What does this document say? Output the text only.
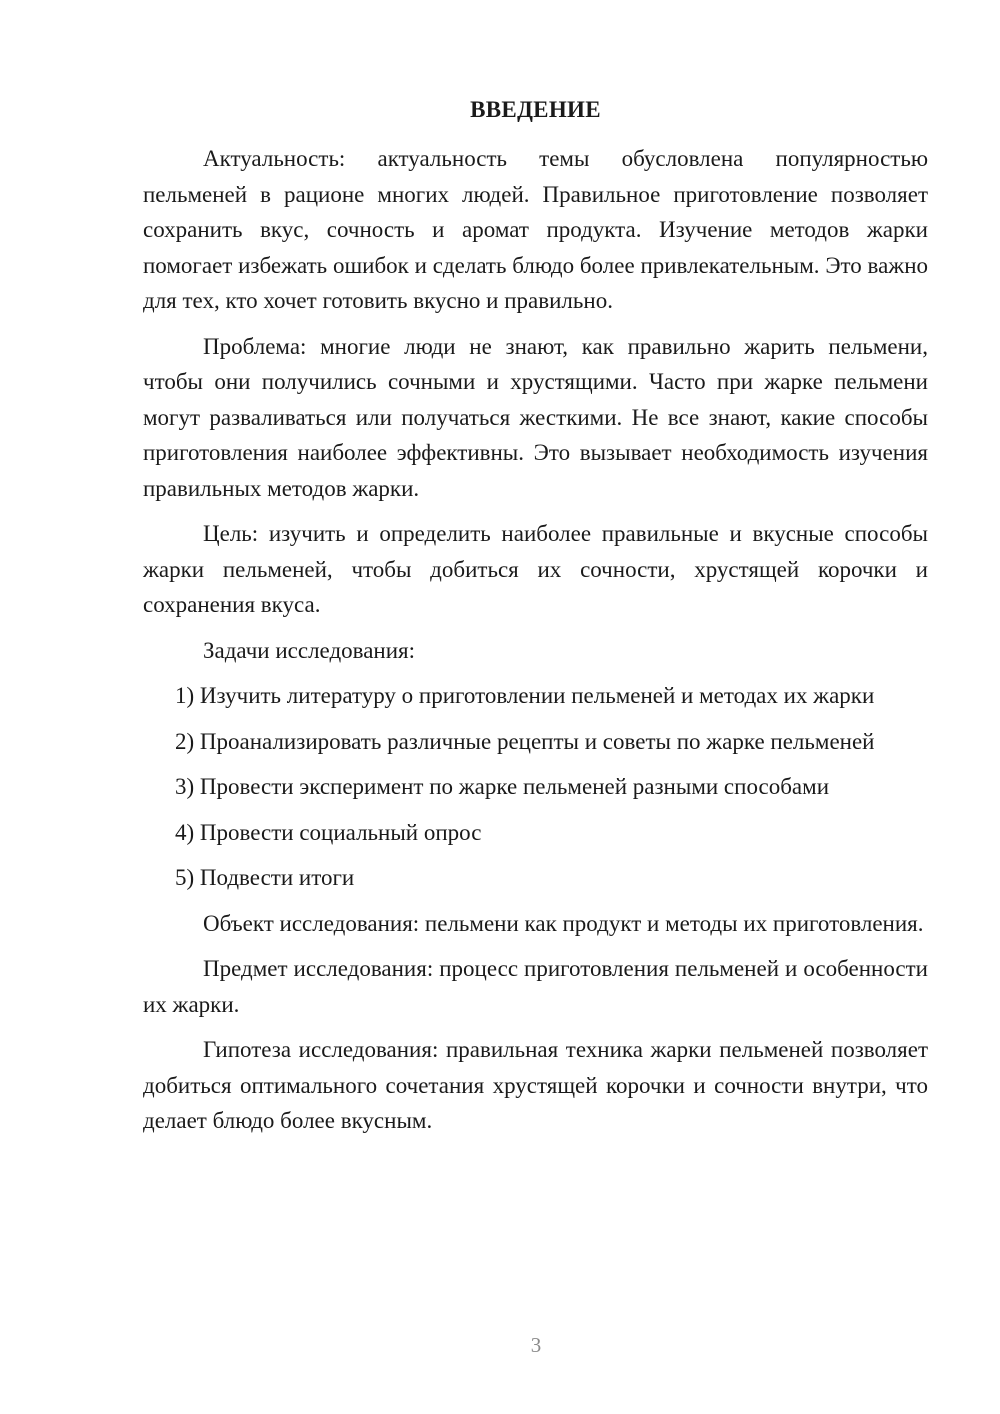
ВВЕДЕНИЕ

Актуальность: актуальность темы обусловлена популярностью пельменей в рационе многих людей. Правильное приготовление позволяет сохранить вкус, сочность и аромат продукта. Изучение методов жарки помогает избежать ошибок и сделать блюдо более привлекательным. Это важно для тех, кто хочет готовить вкусно и правильно.

Проблема: многие люди не знают, как правильно жарить пельмени, чтобы они получились сочными и хрустящими. Часто при жарке пельмени могут разваливаться или получаться жесткими. Не все знают, какие способы приготовления наиболее эффективны. Это вызывает необходимость изучения правильных методов жарки.

Цель: изучить и определить наиболее правильные и вкусные способы жарки пельменей, чтобы добиться их сочности, хрустящей корочки и сохранения вкуса.

Задачи исследования:

1) Изучить литературу о приготовлении пельменей и методах их жарки

2) Проанализировать различные рецепты и советы по жарке пельменей

3) Провести эксперимент по жарке пельменей разными способами

4) Провести социальный опрос

5) Подвести итоги

Объект исследования: пельмени как продукт и методы их приготовления.

Предмет исследования: процесс приготовления пельменей и особенности их жарки.

Гипотеза исследования: правильная техника жарки пельменей позволяет добиться оптимального сочетания хрустящей корочки и сочности внутри, что делает блюдо более вкусным.

3
